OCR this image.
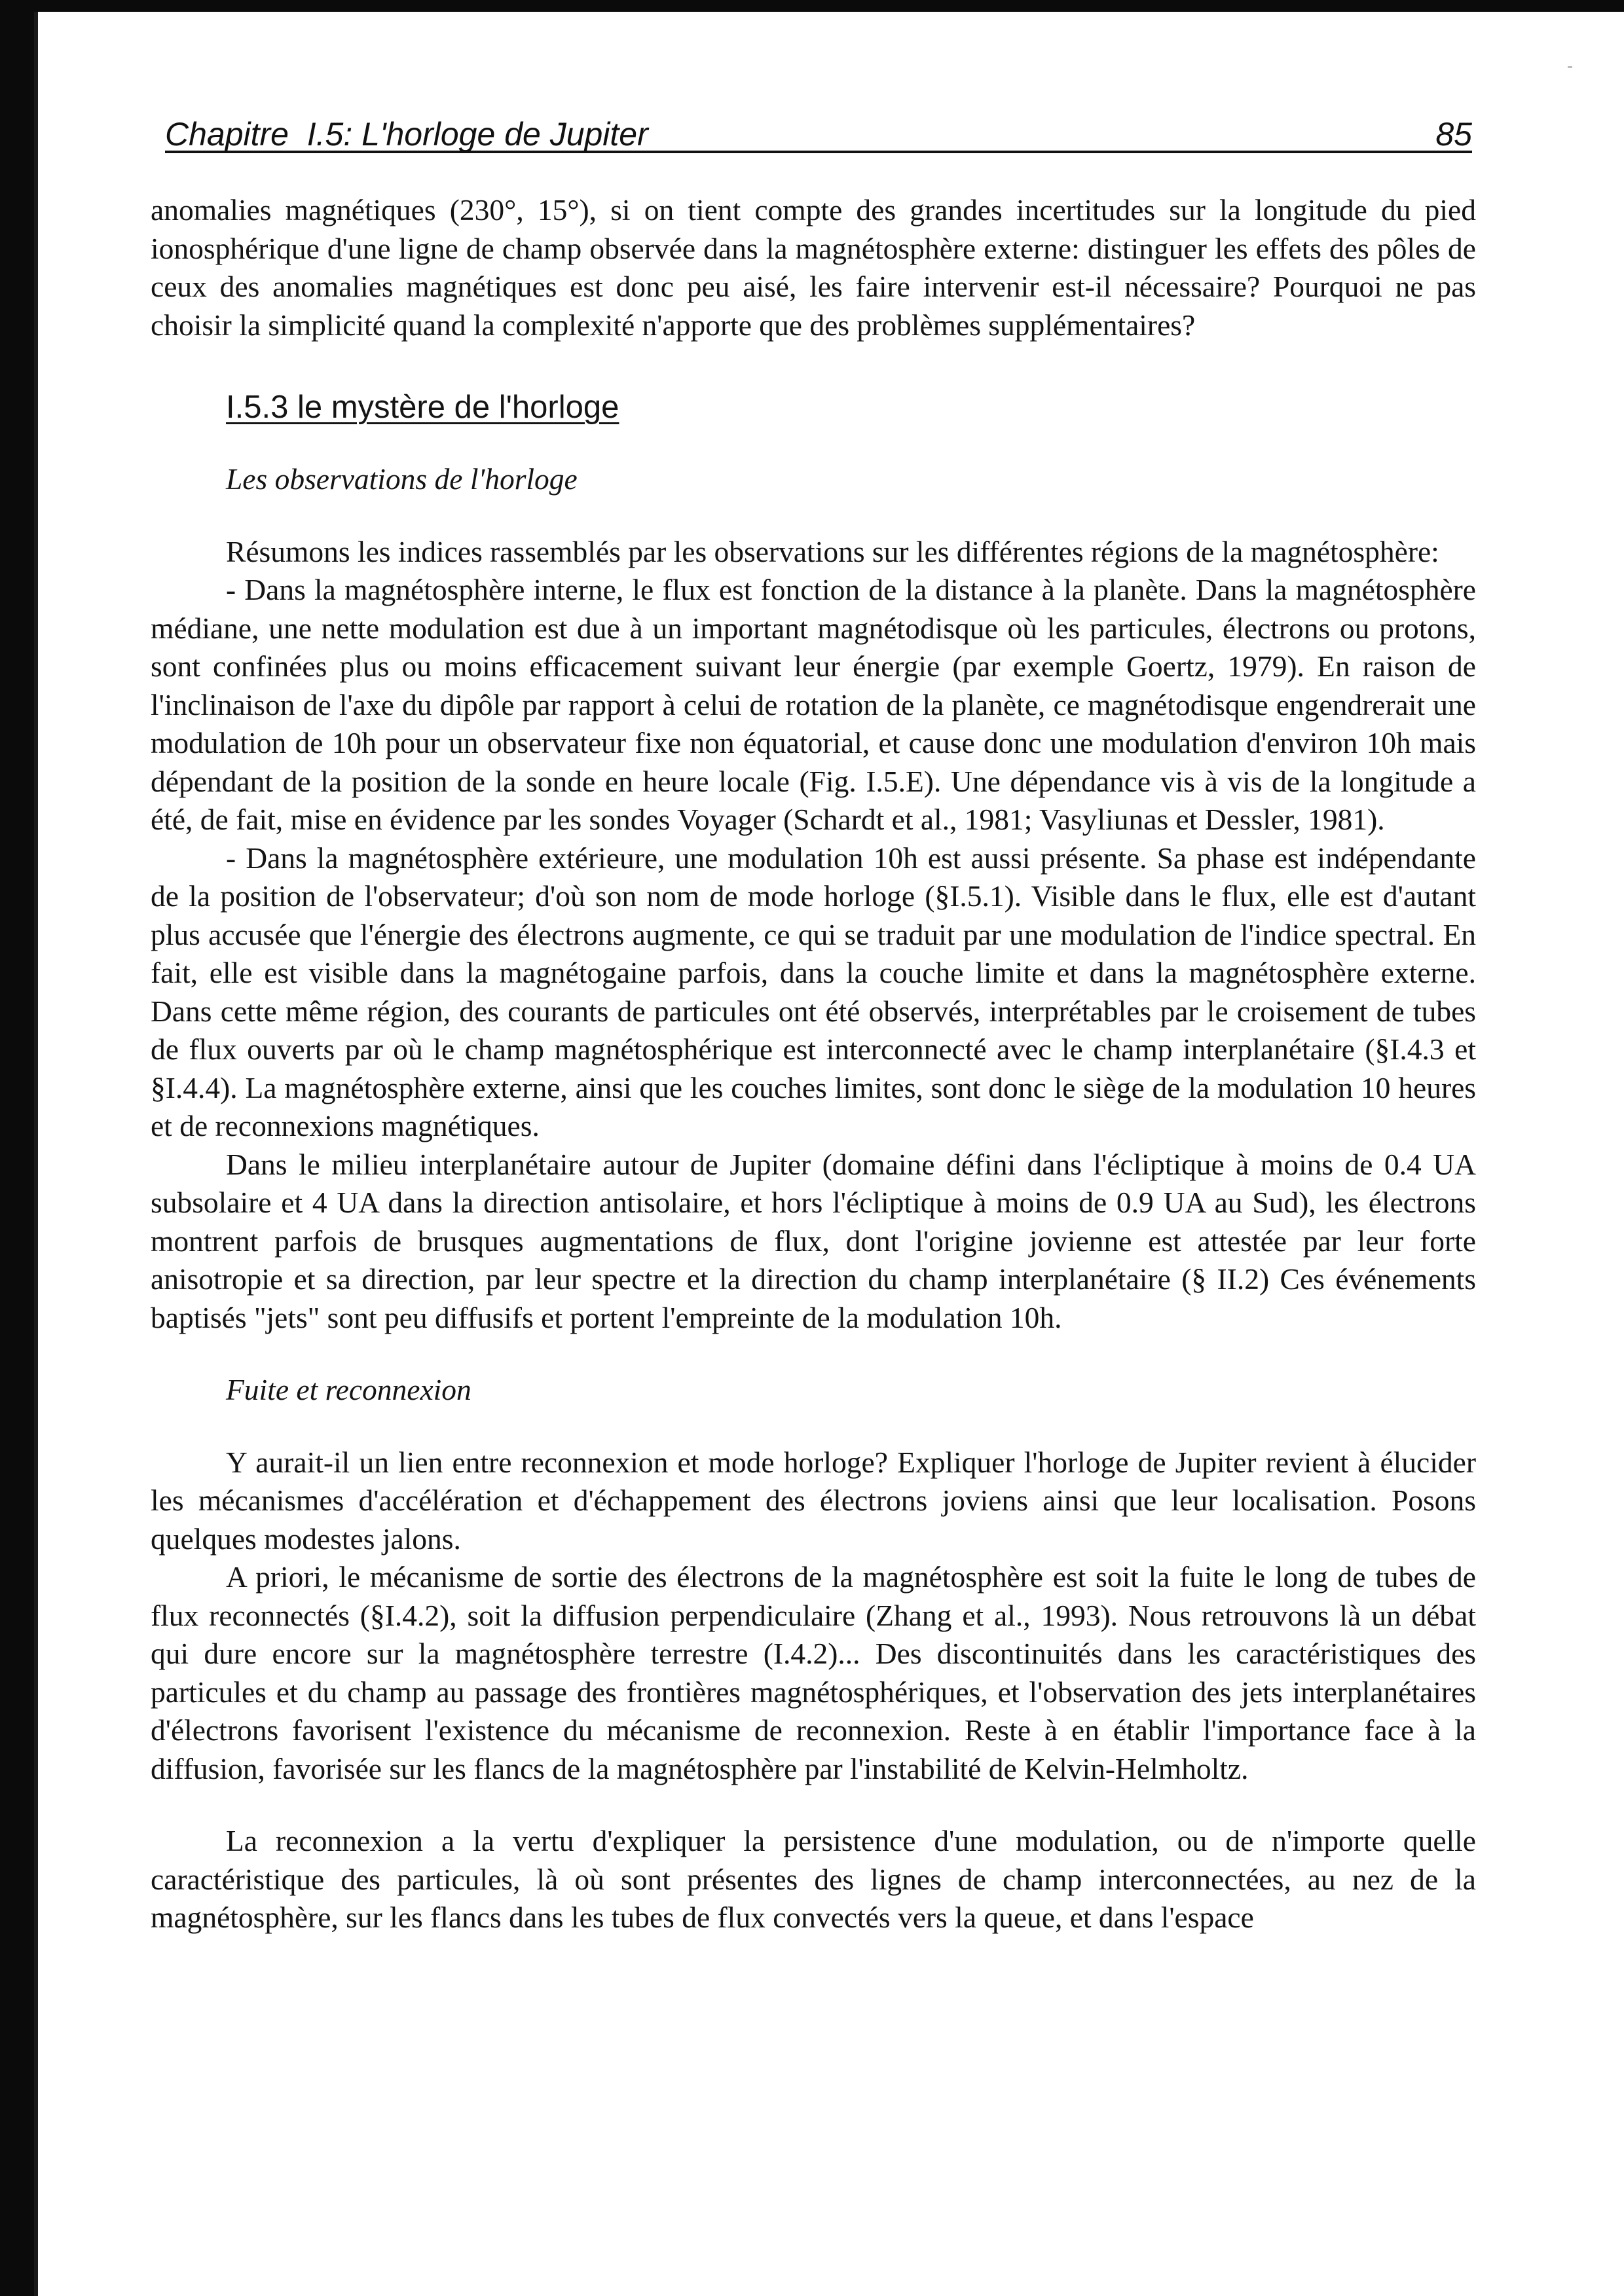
Chapitre  I.5: L'horloge de Jupiter	85

anomalies magnétiques (230°, 15°), si on tient compte des grandes incertitudes sur la longitude du pied ionosphérique d'une ligne de champ observée dans la magnétosphère externe: distinguer les effets des pôles de ceux des anomalies magnétiques est donc peu aisé, les faire intervenir est-il nécessaire? Pourquoi ne pas choisir la simplicité quand la complexité n'apporte que des problèmes supplémentaires?

I.5.3 le mystère de l'horloge

Les observations de l'horloge

Résumons les indices rassemblés par les observations sur les différentes régions de la magnétosphère:

- Dans la magnétosphère interne, le flux est fonction de la distance à la planète. Dans la magnétosphère médiane, une nette modulation est due à un important magnétodisque où les particules, électrons ou protons, sont confinées plus ou moins efficacement suivant leur énergie (par exemple Goertz, 1979). En raison de l'inclinaison de l'axe du dipôle par rapport à celui de rotation de la planète, ce magnétodisque engendrerait une modulation de 10h pour un observateur fixe non équatorial, et cause donc une modulation d'environ 10h mais dépendant de la position de la sonde en heure locale (Fig. I.5.E). Une dépendance vis à vis de la longitude a été, de fait, mise en évidence par les sondes Voyager (Schardt et al., 1981; Vasyliunas et Dessler, 1981).

- Dans la magnétosphère extérieure, une modulation 10h est aussi présente. Sa phase est indépendante de la position de l'observateur; d'où son nom de mode horloge (§I.5.1). Visible dans le flux, elle est d'autant plus accusée que l'énergie des électrons augmente, ce qui se traduit par une modulation de l'indice spectral. En fait, elle est visible dans la magnétogaine parfois, dans la couche limite et dans la magnétosphère externe. Dans cette même région, des courants de particules ont été observés, interprétables par le croisement de tubes de flux ouverts par où le champ magnétosphérique est interconnecté avec le champ interplanétaire (§I.4.3 et §I.4.4). La magnétosphère externe, ainsi que les couches limites, sont donc le siège de la modulation 10 heures et de reconnexions magnétiques.

Dans le milieu interplanétaire autour de Jupiter (domaine défini dans l'écliptique à moins de 0.4 UA subsolaire et 4 UA dans la direction antisolaire, et hors l'écliptique à moins de 0.9 UA au Sud), les électrons montrent parfois de brusques augmentations de flux, dont l'origine jovienne est attestée par leur forte anisotropie et sa direction, par leur spectre et la direction du champ interplanétaire (§ II.2) Ces événements baptisés "jets" sont peu diffusifs et portent l'empreinte de la modulation 10h.

Fuite et reconnexion

Y aurait-il un lien entre reconnexion et mode horloge? Expliquer l'horloge de Jupiter revient à élucider les mécanismes d'accélération et d'échappement des électrons joviens ainsi que leur localisation. Posons quelques modestes jalons.

A priori, le mécanisme de sortie des électrons de la magnétosphère est soit la fuite le long de tubes de flux reconnectés (§I.4.2), soit la diffusion perpendiculaire (Zhang et al., 1993). Nous retrouvons là un débat qui dure encore sur la magnétosphère terrestre (I.4.2)... Des discontinuités dans les caractéristiques des particules et du champ au passage des frontières magnétosphériques, et l'observation des jets interplanétaires d'électrons favorisent l'existence du mécanisme de reconnexion. Reste à en établir l'importance face à la diffusion, favorisée sur les flancs de la magnétosphère par l'instabilité de Kelvin-Helmholtz.

La reconnexion a la vertu d'expliquer la persistence d'une modulation, ou de n'importe quelle caractéristique des particules, là où sont présentes des lignes de champ interconnectées, au nez de la magnétosphère, sur les flancs dans les tubes de flux convectés vers la queue, et dans l'espace
